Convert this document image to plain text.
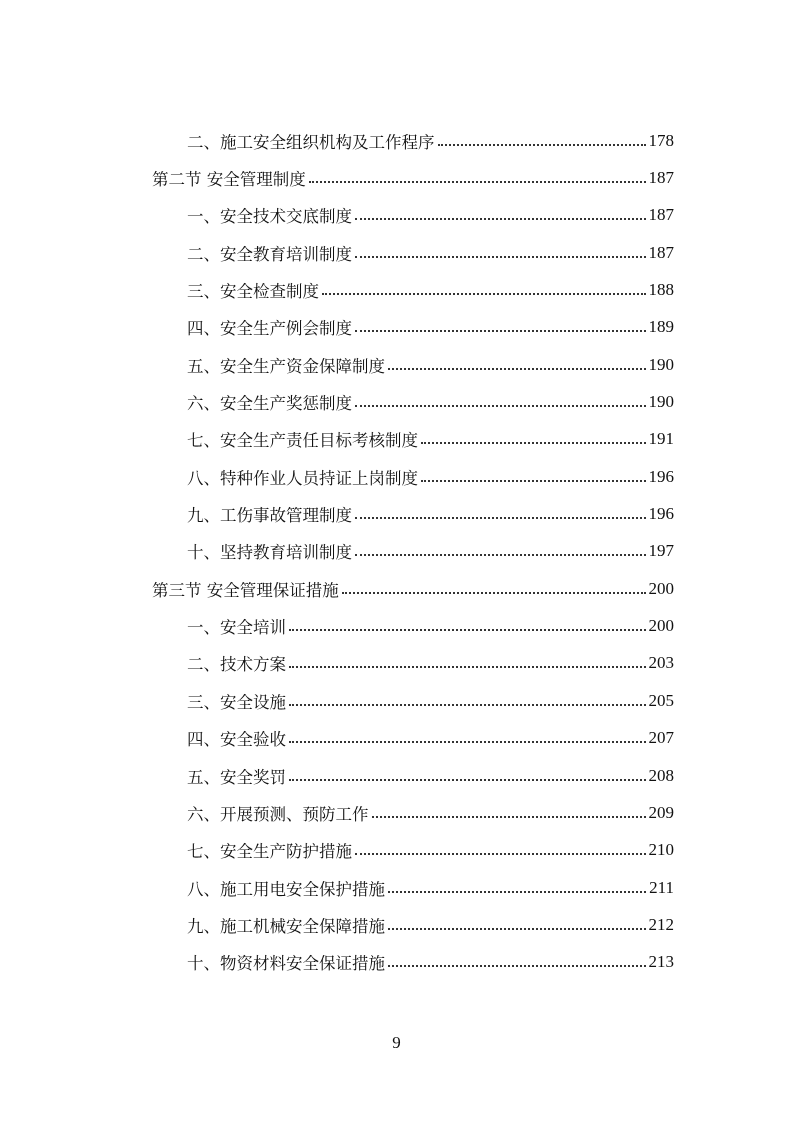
二、施工安全组织机构及工作程序	178
第二节 安全管理制度	187
一、安全技术交底制度	187
二、安全教育培训制度	187
三、安全检查制度	188
四、安全生产例会制度	189
五、安全生产资金保障制度	190
六、安全生产奖惩制度	190
七、安全生产责任目标考核制度	191
八、特种作业人员持证上岗制度	196
九、工伤事故管理制度	196
十、坚持教育培训制度	197
第三节 安全管理保证措施	200
一、安全培训	200
二、技术方案	203
三、安全设施	205
四、安全验收	207
五、安全奖罚	208
六、开展预测、预防工作	209
七、安全生产防护措施	210
八、施工用电安全保护措施	211
九、施工机械安全保障措施	212
十、物资材料安全保证措施	213
9
